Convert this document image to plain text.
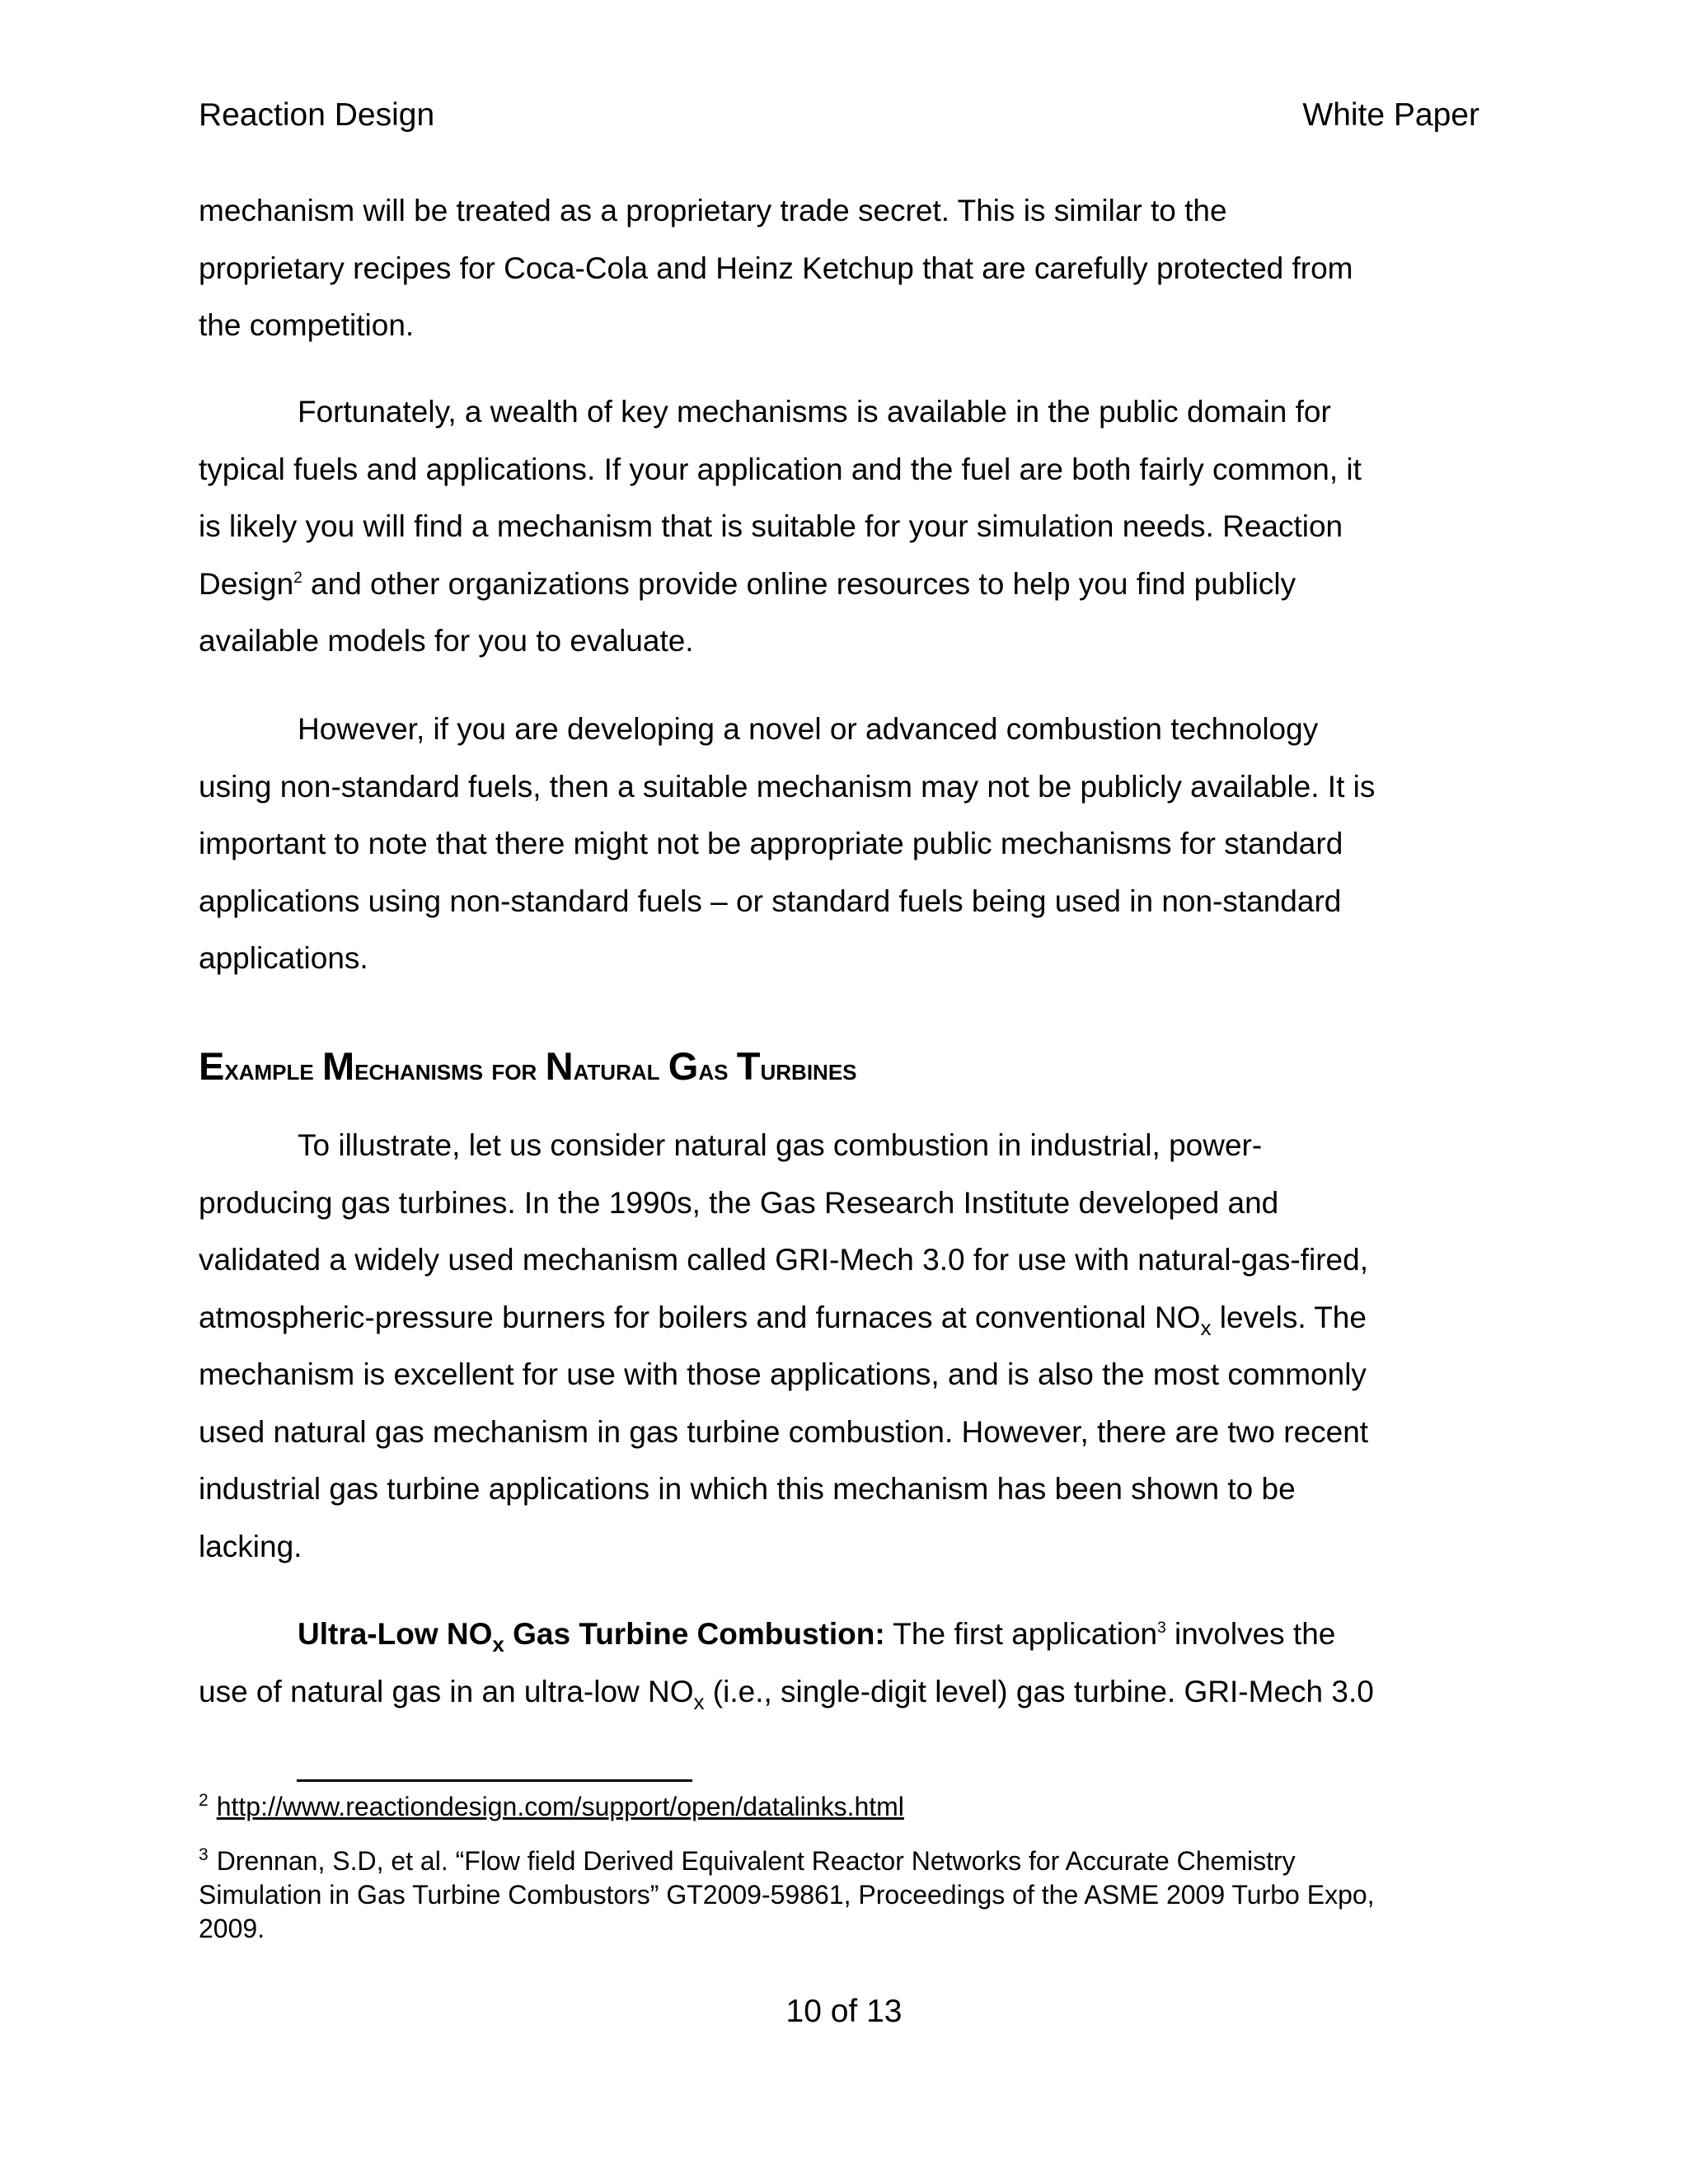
Reaction Design	White Paper

mechanism will be treated as a proprietary trade secret. This is similar to the

proprietary recipes for Coca-Cola and Heinz Ketchup that are carefully protected from

the competition.

Fortunately, a wealth of key mechanisms is available in the public domain for

typical fuels and applications. If your application and the fuel are both fairly common, it

is likely you will find a mechanism that is suitable for your simulation needs. Reaction

Design$^2$ and other organizations provide online resources to help you find publicly

available models for you to evaluate.

However, if you are developing a novel or advanced combustion technology

using non-standard fuels, then a suitable mechanism may not be publicly available. It is

important to note that there might not be appropriate public mechanisms for standard

applications using non-standard fuels – or standard fuels being used in non-standard

applications.

Example Mechanisms for Natural Gas Turbines

To illustrate, let us consider natural gas combustion in industrial, power-

producing gas turbines. In the 1990s, the Gas Research Institute developed and

validated a widely used mechanism called GRI-Mech 3.0 for use with natural-gas-fired,

atmospheric-pressure burners for boilers and furnaces at conventional $NO_x$ levels. The

mechanism is excellent for use with those applications, and is also the most commonly

used natural gas mechanism in gas turbine combustion. However, there are two recent

industrial gas turbine applications in which this mechanism has been shown to be

lacking.

Ultra-Low $NO_x$ Gas Turbine Combustion: The first application$^3$ involves the

use of natural gas in an ultra-low $NO_x$ (i.e., single-digit level) gas turbine. GRI-Mech 3.0

$^2$ http://www.reactiondesign.com/support/open/datalinks.html
$^3$ Drennan, S.D, et al. “Flow field Derived Equivalent Reactor Networks for Accurate Chemistry
Simulation in Gas Turbine Combustors” GT2009-59861, Proceedings of the ASME 2009 Turbo Expo,
2009.
10 of 13
